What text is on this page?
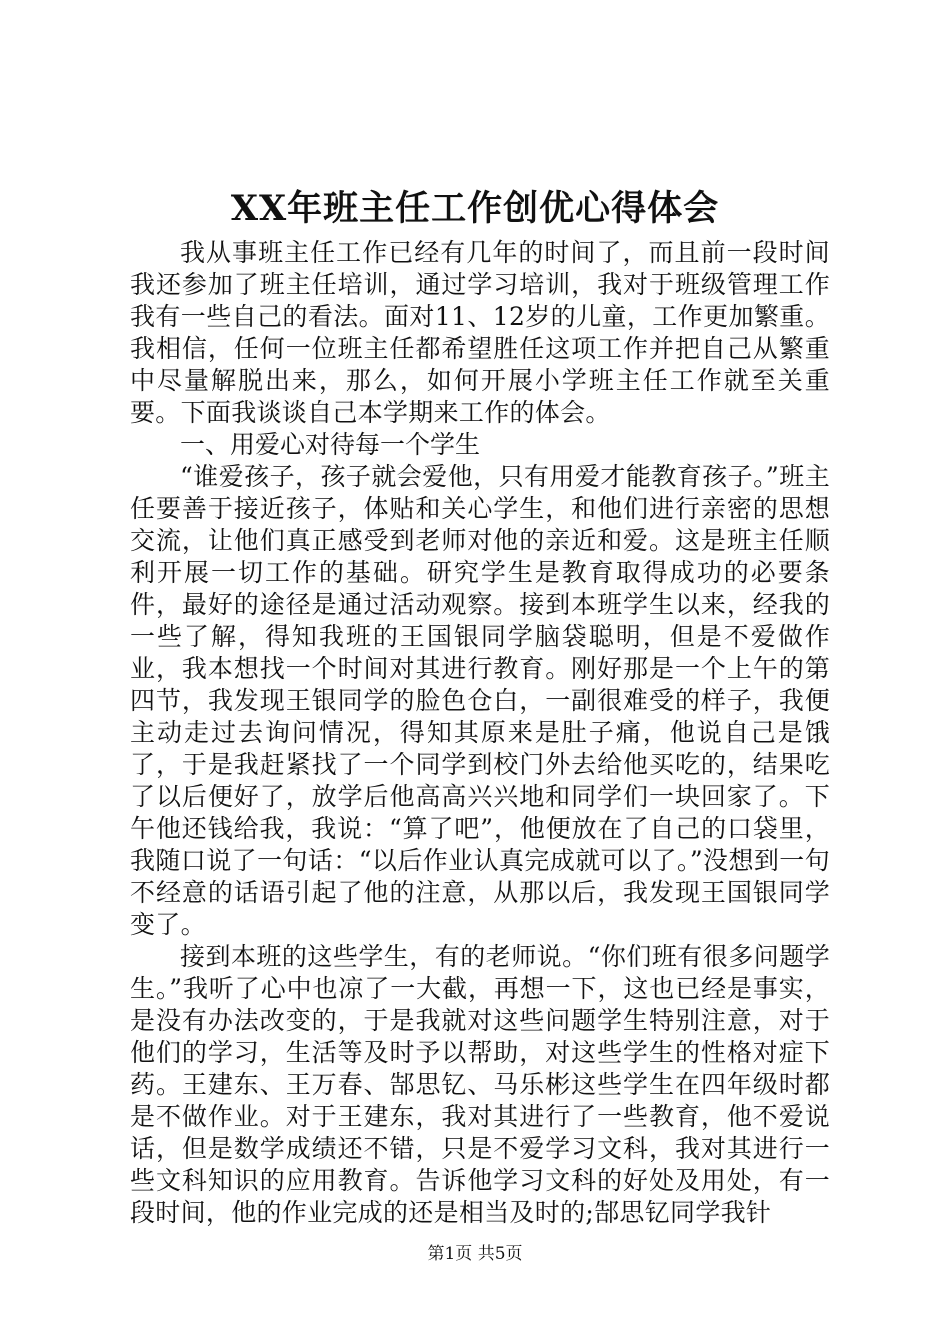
XX年班主任工作创优心得体会

我从事班主任工作已经有几年的时间了，而且前一段时间我还参加了班主任培训，通过学习培训，我对于班级管理工作我有一些自己的看法。面对11、12岁的儿童，工作更加繁重。我相信，任何一位班主任都希望胜任这项工作并把自己从繁重中尽量解脱出来，那么，如何开展小学班主任工作就至关重要。下面我谈谈自己本学期来工作的体会。

一、用爱心对待每一个学生

“谁爱孩子，孩子就会爱他，只有用爱才能教育孩子。”班主任要善于接近孩子，体贴和关心学生，和他们进行亲密的思想交流，让他们真正感受到老师对他的亲近和爱。这是班主任顺利开展一切工作的基础。研究学生是教育取得成功的必要条件，最好的途径是通过活动观察。接到本班学生以来，经我的一些了解，得知我班的王国银同学脑袋聪明，但是不爱做作业，我本想找一个时间对其进行教育。刚好那是一个上午的第四节，我发现王银同学的脸色仓白，一副很难受的样子，我便主动走过去询问情况，得知其原来是肚子痛，他说自己是饿了，于是我赶紧找了一个同学到校门外去给他买吃的，结果吃了以后便好了，放学后他高高兴兴地和同学们一块回家了。下午他还钱给我，我说：“算了吧”，他便放在了自己的口袋里，我随口说了一句话：“以后作业认真完成就可以了。”没想到一句不经意的话语引起了他的注意，从那以后，我发现王国银同学变了。

接到本班的这些学生，有的老师说。“你们班有很多问题学生。”我听了心中也凉了一大截，再想一下，这也已经是事实，是没有办法改变的，于是我就对这些问题学生特别注意，对于他们的学习，生活等及时予以帮助，对这些学生的性格对症下药。王建东、王万春、郜思钇、马乐彬这些学生在四年级时都是不做作业。对于王建东，我对其进行了一些教育，他不爱说话，但是数学成绩还不错，只是不爱学习文科，我对其进行一些文科知识的应用教育。告诉他学习文科的好处及用处，有一段时间，他的作业完成的还是相当及时的;郜思钇同学我针

第1页 共5页
